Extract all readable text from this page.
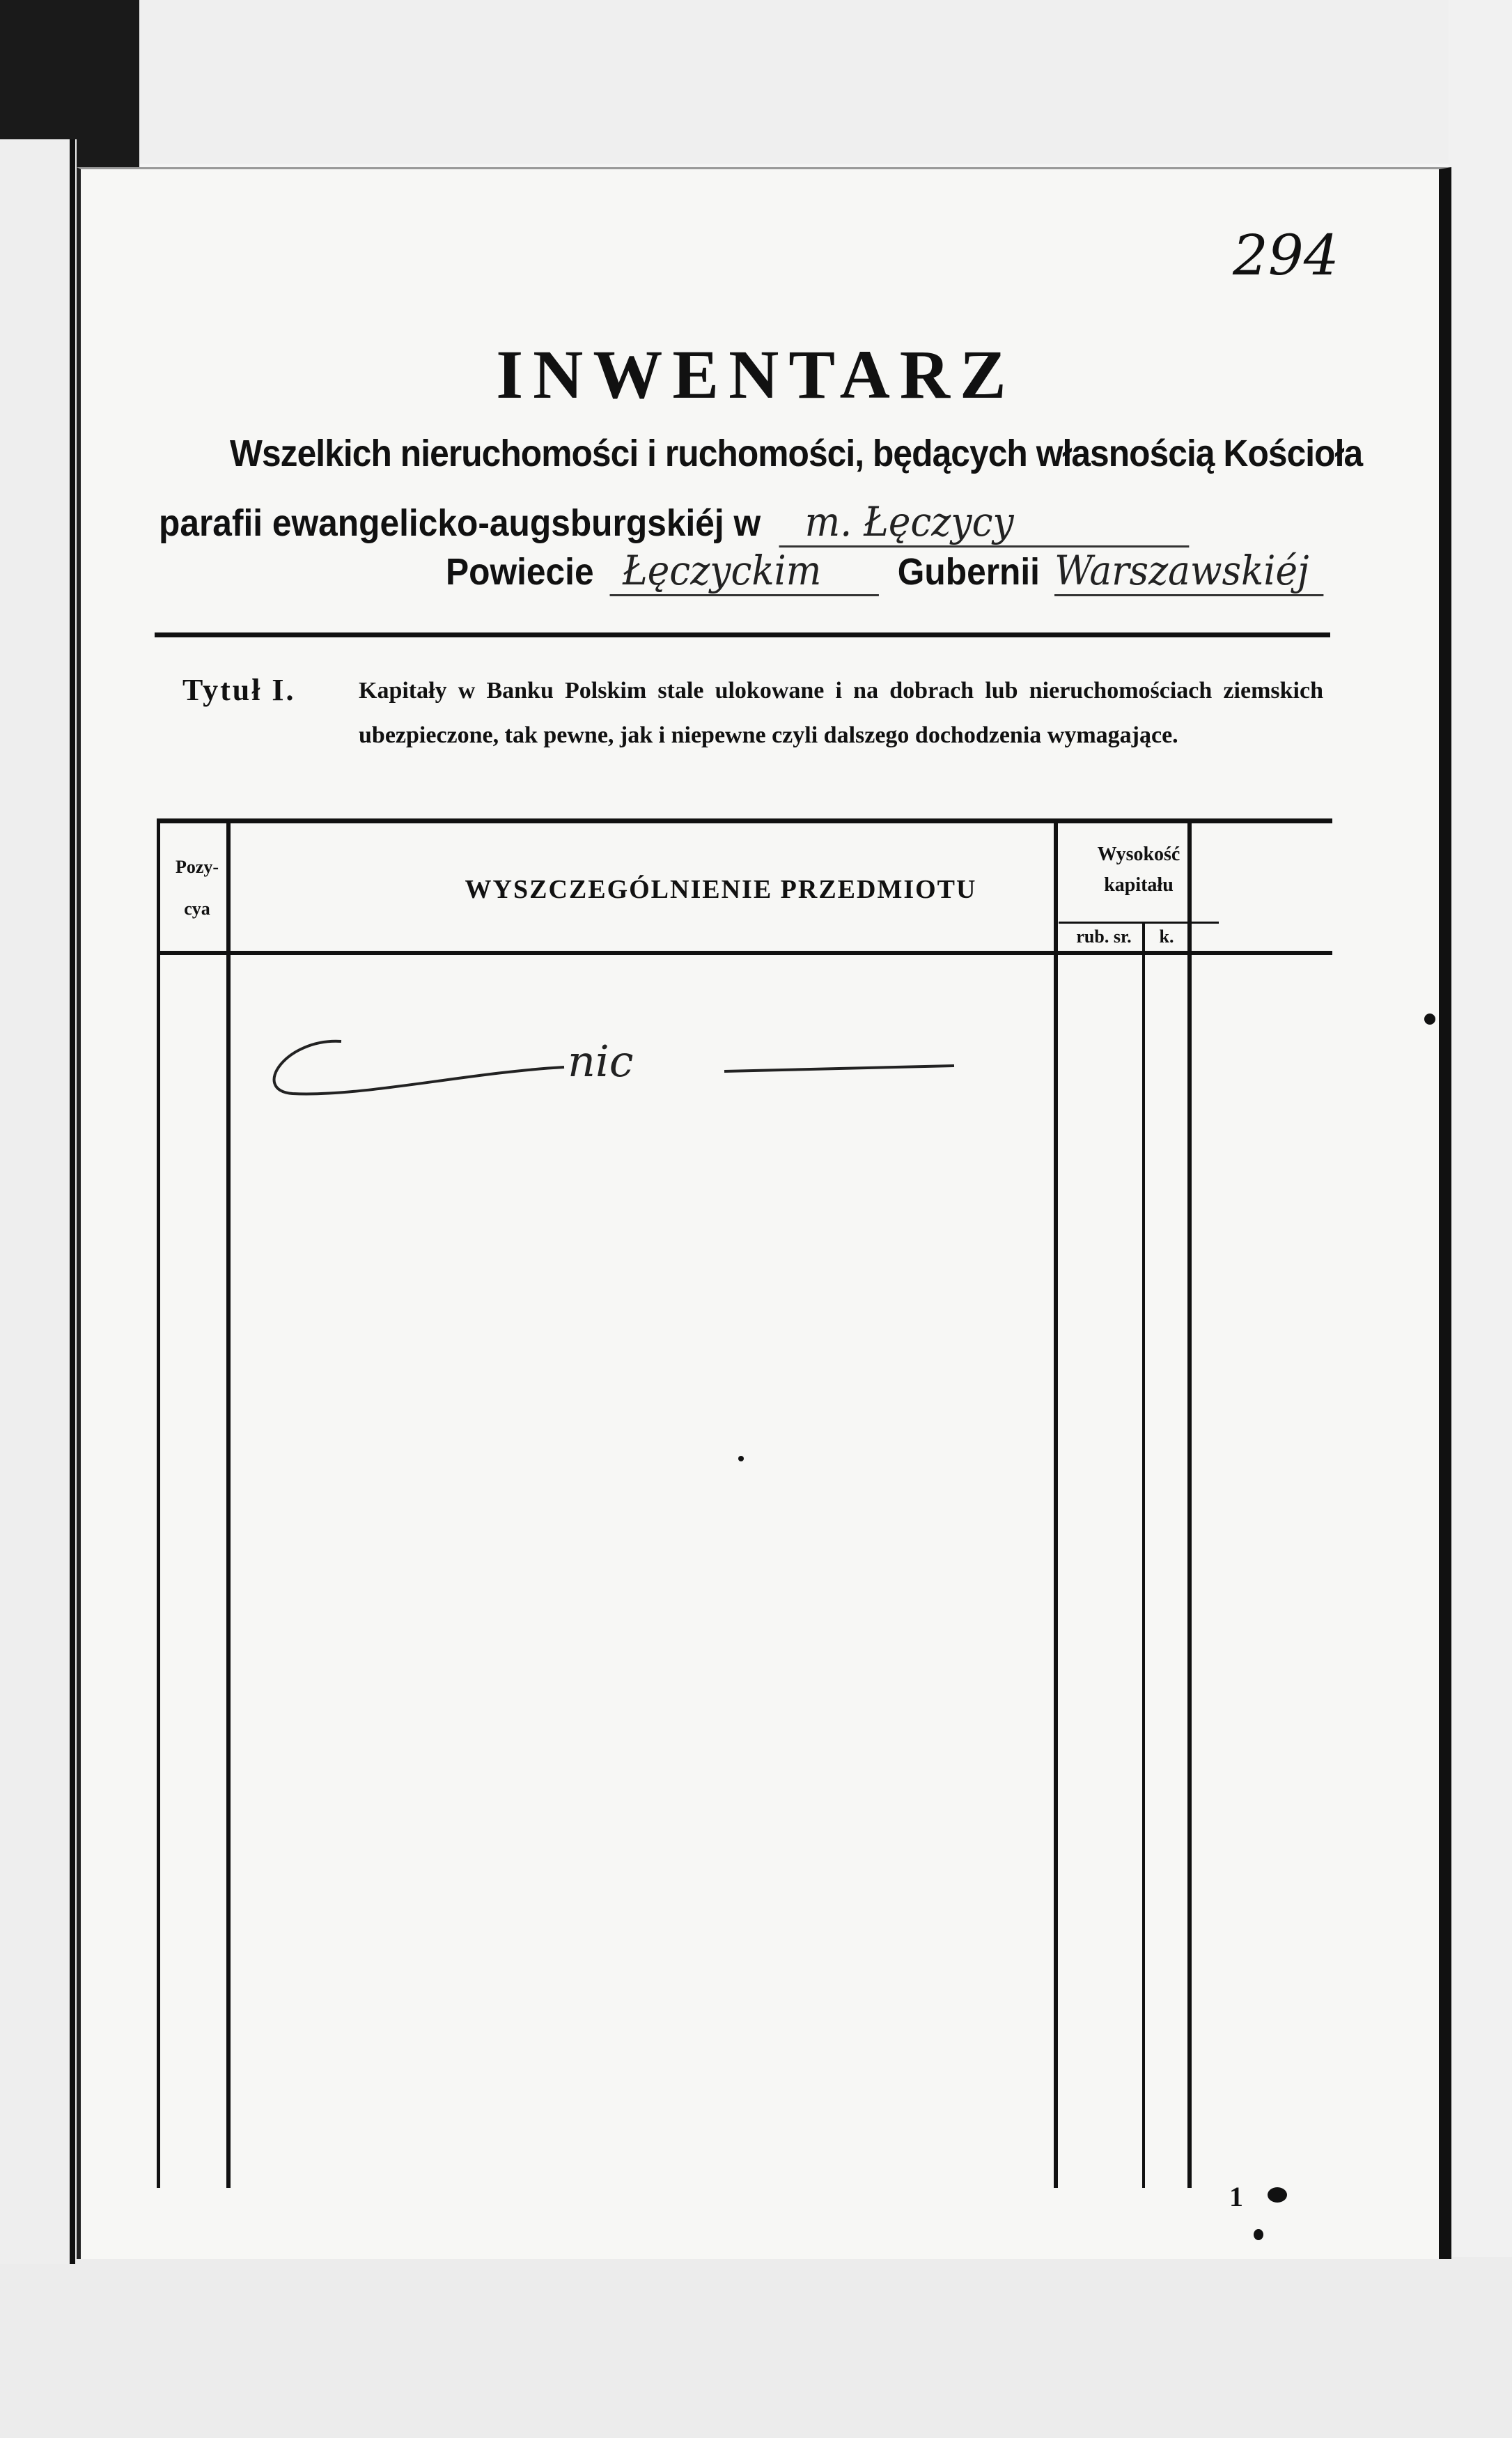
294
INWENTARZ
Wszelkich nieruchomości i ruchomości, będących własnością Kościoła
parafii ewangelicko-augsburgskiéj w m. Łęczycy
Powiecie Łęczyckim Gubernii Warszawskiéj
Tytuł I.	Kapitały w Banku Polskim stale ulokowane i na dobrach lub nieruchomościach ziemskich ubezpieczone, tak pewne, jak i niepewne czyli dalszego dochodzenia wymagające.
Pozy-
cya
WYSZCZEGÓLNIENIE PRZEDMIOTU
Wysokość
kapitału
rub. sr.	k.
nic
1
